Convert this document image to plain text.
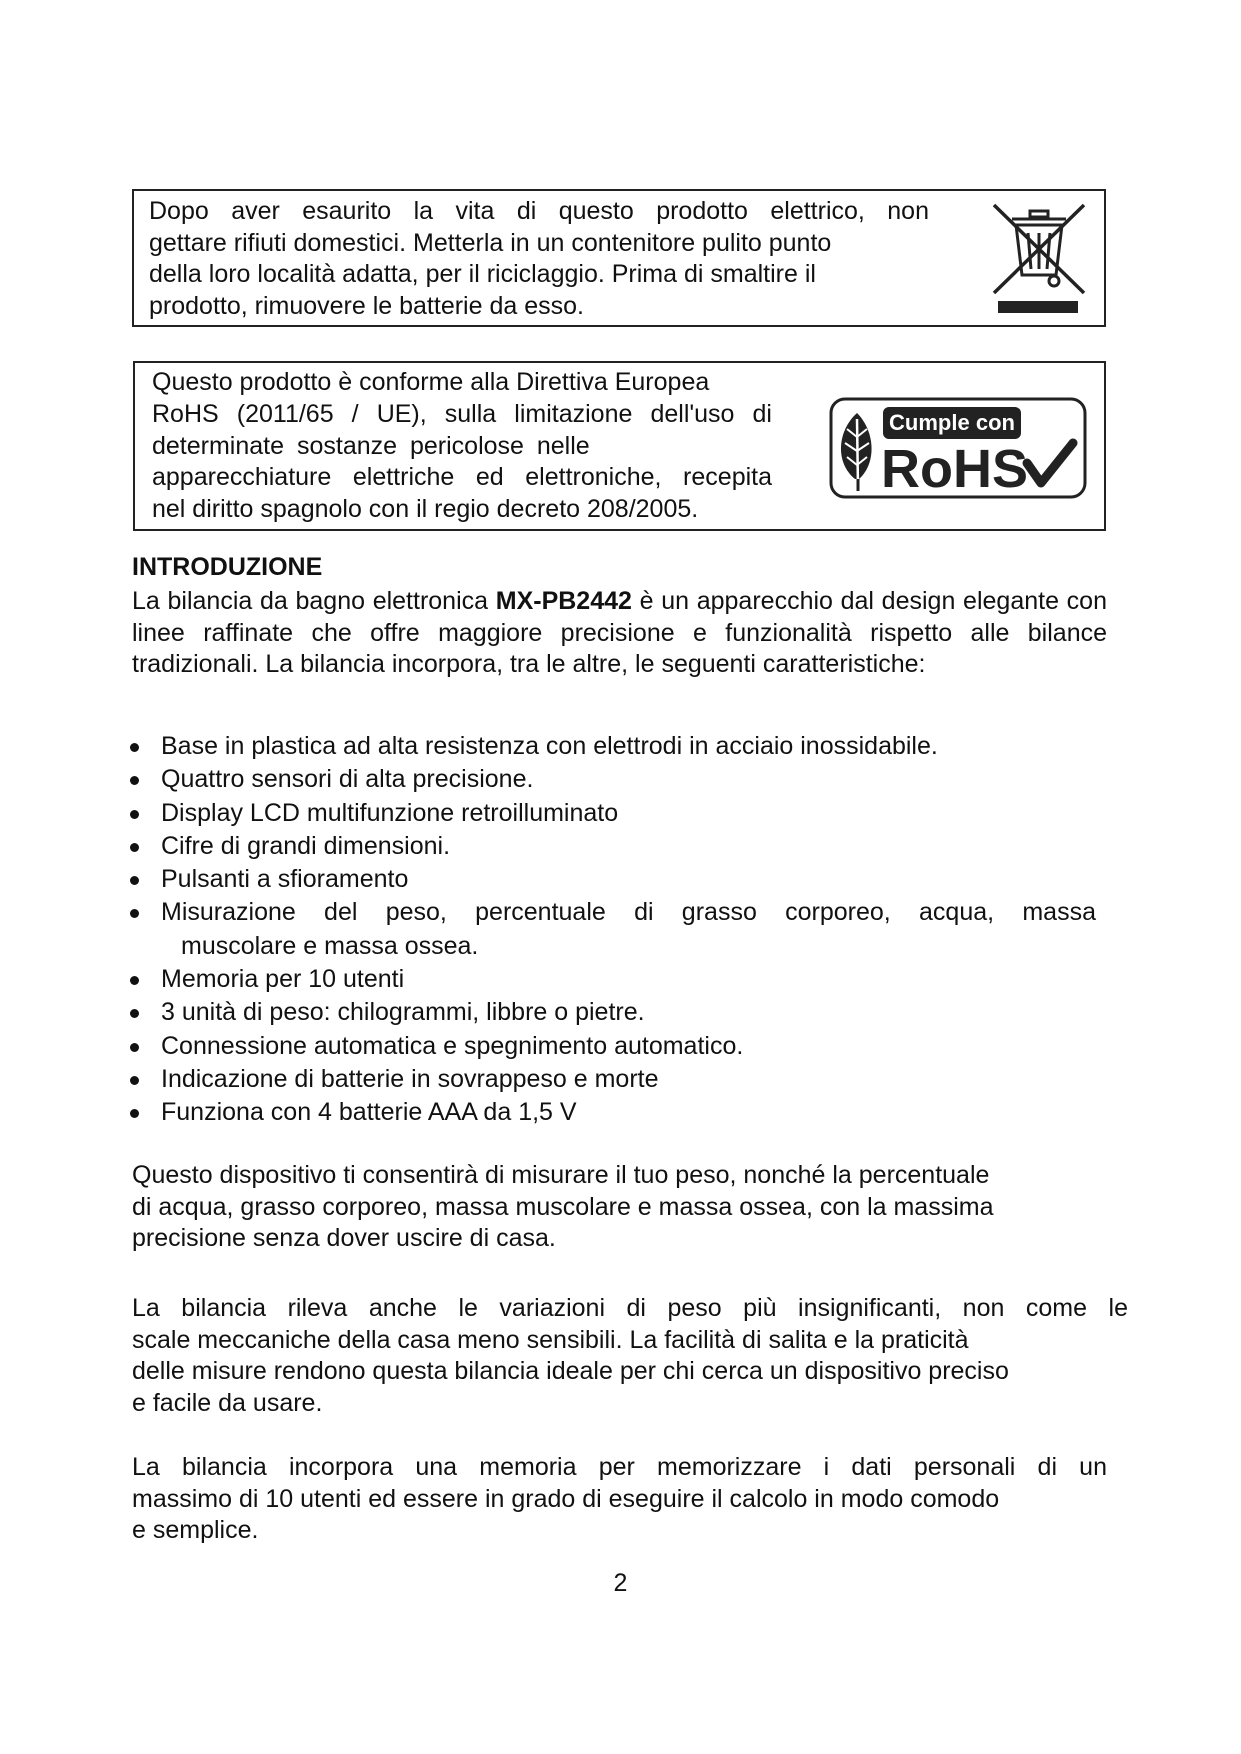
Dopo aver esaurito la vita di questo prodotto elettrico, non
gettare rifiuti domestici. Metterla in un contenitore pulito punto
della loro località adatta, per il riciclaggio. Prima di smaltire il
prodotto, rimuovere le batterie da esso.
Questo prodotto è conforme alla Direttiva Europea
RoHS (2011/65 / UE), sulla limitazione dell'uso di
determinate sostanze pericolose nelle
apparecchiature elettriche ed elettroniche, recepita
nel diritto spagnolo con il regio decreto 208/2005.
Cumple con
RoHS
INTRODUZIONE

La bilancia da bagno elettronica MX-PB2442 è un apparecchio dal design elegante con linee raffinate che offre maggiore precisione e funzionalità rispetto alle bilance tradizionali. La bilancia incorpora, tra le altre, le seguenti caratteristiche:

Base in plastica ad alta resistenza con elettrodi in acciaio inossidabile.
Quattro sensori di alta precisione.
Display LCD multifunzione retroilluminato
Cifre di grandi dimensioni.
Pulsanti a sfioramento
Misurazione del peso, percentuale di grasso corporeo, acqua, massa
muscolare e massa ossea.
Memoria per 10 utenti
3 unità di peso: chilogrammi, libbre o pietre.
Connessione automatica e spegnimento automatico.
Indicazione di batterie in sovrappeso e morte
Funziona con 4 batterie AAA da 1,5 V
Questo dispositivo ti consentirà di misurare il tuo peso, nonché la percentuale
di acqua, grasso corporeo, massa muscolare e massa ossea, con la massima
precisione senza dover uscire di casa.
La bilancia rileva anche le variazioni di peso più insignificanti, non come le
scale meccaniche della casa meno sensibili. La facilità di salita e la praticità
delle misure rendono questa bilancia ideale per chi cerca un dispositivo preciso
e facile da usare.
La bilancia incorpora una memoria per memorizzare i dati personali di un
massimo di 10 utenti ed essere in grado di eseguire il calcolo in modo comodo
e semplice.
2
